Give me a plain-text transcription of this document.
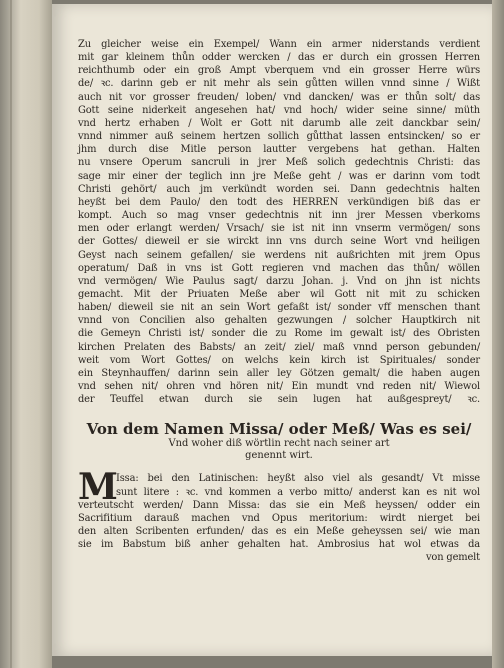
Zu gleicher weise ein Exempel/ Wann ein armer niderstands verdient
mit gar kleinem thůn odder wercken / das er durch ein grossen Herren
reichthumb oder ein groß Ampt vberquem vnd ein grosser Herre würs
de/ ꝛc. darinn geb er nit mehr als sein gůtten willen vnnd sinne / Wißt
auch nit vor grosser freuden/ loben/ vnd dancken/ was er thůn solt/ das
Gott seine niderkeit angesehen hat/ vnd hoch/ wider seine sinne/ müth
vnd hertz erhaben / Wolt er Gott nit darumb alle zeit danckbar sein/
vnnd nimmer auß seinem hertzen sollich gůtthat lassen entsincken/ so er
jhm durch dise Mitle person lautter vergebens hat gethan. Halten
nu vnsere Operum sancruli in jrer Meß solich gedechtnis Christi: das
sage mir einer der teglich inn jre Meße geht / was er darinn vom todt
Christi gehört/ auch jm verkündt worden sei. Dann gedechtnis halten
heyßt bei dem Paulo/ den todt des HERREN verkündigen biß das er
kompt. Auch so mag vnser gedechtnis nit inn jrer Messen vberkoms
men oder erlangt werden/ Vrsach/ sie ist nit inn vnserm vermögen/ sons
der Gottes/ dieweil er sie wirckt inn vns durch seine Wort vnd heiligen
Geyst nach seinem gefallen/ sie werdens nit außrichten mit jrem Opus
operatum/ Daß in vns ist Gott regieren vnd machen das thůn/ wöllen
vnd vermögen/ Wie Paulus sagt/ darzu Johan. j. Vnd on jhn ist nichts
gemacht. Mit der Priuaten Meße aber wil Gott nit mit zu schicken
haben/ dieweil sie nit an sein Wort gefaßt ist/ sonder vff menschen thant
vnnd von Concilien also gehalten gezwungen / solcher Hauptkirch nit
die Gemeyn Christi ist/ sonder die zu Rome im gewalt ist/ des Obristen
kirchen Prelaten des Babsts/ an zeit/ ziel/ maß vnnd person gebunden/
weit vom Wort Gottes/ on welchs kein kirch ist Spirituales/ sonder
ein Steynhauffen/ darinn sein aller ley Götzen gemalt/ die haben augen
vnd sehen nit/ ohren vnd hören nit/ Ein mundt vnd reden nit/ Wiewol
der Teuffel etwan durch sie sein lugen hat außgespreyt/ ꝛc.
Von dem Namen Missa/ oder Meß/ Was es sei/
Vnd woher diß wörtlin recht nach seiner art
genennt wirt.
M
Issa: bei den Latinischen: heyßt also viel als gesandt/ Vt misse
sunt litere : ꝛc. vnd kommen a verbo mitto/ anderst kan es nit wol
verteutscht werden/ Dann Missa: das sie ein Meß heyssen/ odder ein
Sacrifitium darauß machen vnd Opus meritorium: wirdt nierget bei
den alten Scribenten erfunden/ das es ein Meße geheyssen sei/ wie man
sie im Babstum biß anher gehalten hat. Ambrosius hat wol etwas da
von gemelt
